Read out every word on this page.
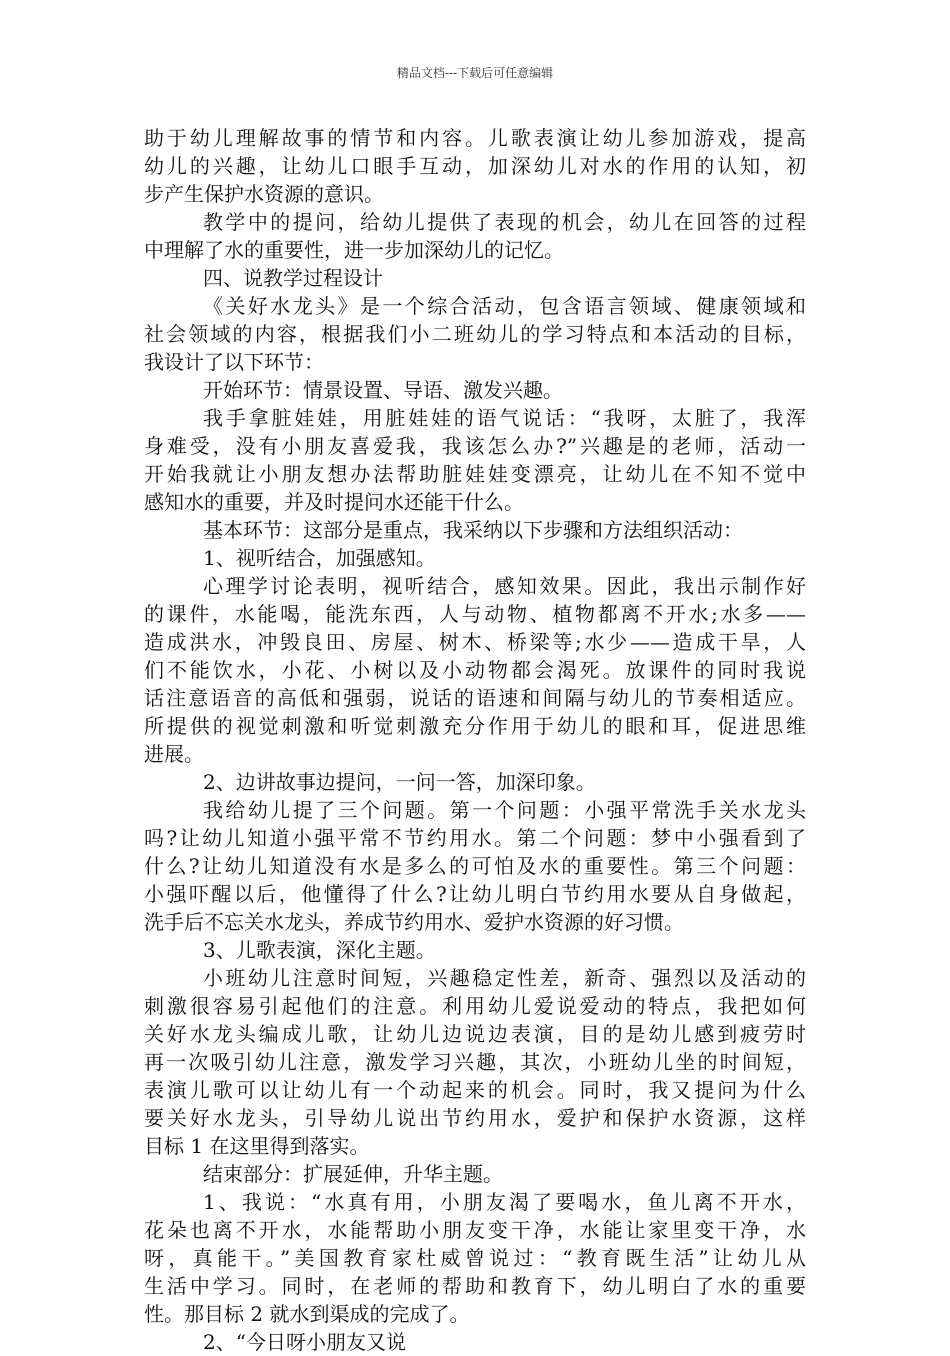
精品文档---下载后可任意编辑
助于幼儿理解故事的情节和内容。儿歌表演让幼儿参加游戏，提高
幼儿的兴趣，让幼儿口眼手互动，加深幼儿对水的作用的认知，初
步产生保护水资源的意识。
教学中的提问，给幼儿提供了表现的机会，幼儿在回答的过程
中理解了水的重要性，进一步加深幼儿的记忆。
四、说教学过程设计
《关好水龙头》是一个综合活动，包含语言领域、健康领域和
社会领域的内容，根据我们小二班幼儿的学习特点和本活动的目标，
我设计了以下环节：
开始环节：情景设置、导语、激发兴趣。
我手拿脏娃娃，用脏娃娃的语气说话：“我呀，太脏了，我浑
身难受，没有小朋友喜爱我，我该怎么办?”兴趣是的老师，活动一
开始我就让小朋友想办法帮助脏娃娃变漂亮，让幼儿在不知不觉中
感知水的重要，并及时提问水还能干什么。
基本环节：这部分是重点，我采纳以下步骤和方法组织活动：
1、视听结合，加强感知。
心理学讨论表明，视听结合，感知效果。因此，我出示制作好
的课件，水能喝，能洗东西，人与动物、植物都离不开水;水多——
造成洪水，冲毁良田、房屋、树木、桥梁等;水少——造成干旱，人
们不能饮水，小花、小树以及小动物都会渴死。放课件的同时我说
话注意语音的高低和强弱，说话的语速和间隔与幼儿的节奏相适应。
所提供的视觉刺激和听觉刺激充分作用于幼儿的眼和耳，促进思维
进展。
2、边讲故事边提问，一问一答，加深印象。
我给幼儿提了三个问题。第一个问题：小强平常洗手关水龙头
吗?让幼儿知道小强平常不节约用水。第二个问题：梦中小强看到了
什么?让幼儿知道没有水是多么的可怕及水的重要性。第三个问题：
小强吓醒以后，他懂得了什么?让幼儿明白节约用水要从自身做起，
洗手后不忘关水龙头，养成节约用水、爱护水资源的好习惯。
3、儿歌表演，深化主题。
小班幼儿注意时间短，兴趣稳定性差，新奇、强烈以及活动的
刺激很容易引起他们的注意。利用幼儿爱说爱动的特点，我把如何
关好水龙头编成儿歌，让幼儿边说边表演，目的是幼儿感到疲劳时
再一次吸引幼儿注意，激发学习兴趣，其次，小班幼儿坐的时间短，
表演儿歌可以让幼儿有一个动起来的机会。同时，我又提问为什么
要关好水龙头，引导幼儿说出节约用水，爱护和保护水资源，这样
目标 1 在这里得到落实。
结束部分：扩展延伸，升华主题。
1、我说：“水真有用，小朋友渴了要喝水，鱼儿离不开水，
花朵也离不开水，水能帮助小朋友变干净，水能让家里变干净，水
呀，真能干。”美国教育家杜威曾说过：“教育既生活”让幼儿从
生活中学习。同时，在老师的帮助和教育下，幼儿明白了水的重要
性。那目标 2 就水到渠成的完成了。
2、“今日呀小朋友又说
